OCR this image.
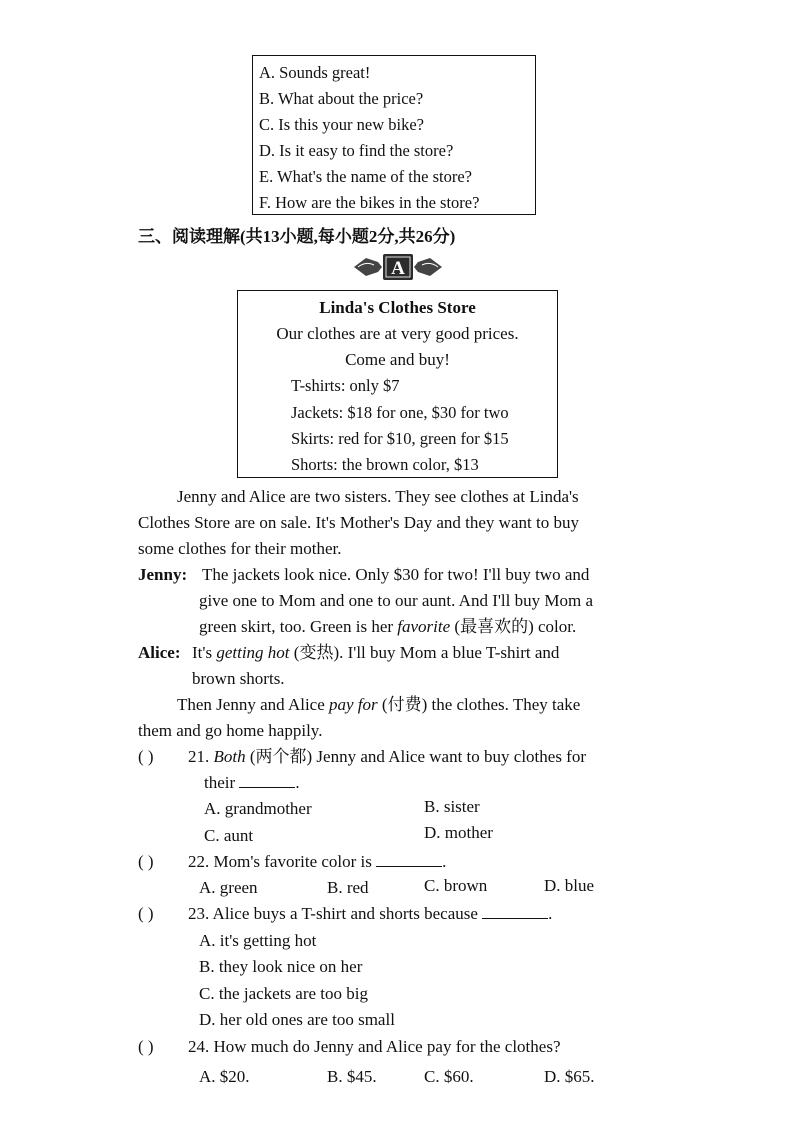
A. Sounds great!
B. What about the price?
C. Is this your new bike?
D. Is it easy to find the store?
E. What's the name of the store?
F. How are the bikes in the store?
三、阅读理解(共13小题,每小题2分,共26分)
A
Linda's Clothes Store
Our clothes are at very good prices.
Come and buy!
T-shirts: only $7
Jackets: $18 for one, $30 for two
Skirts: red for $10, green for $15
Shorts: the brown color, $13
Jenny and Alice are two sisters. They see clothes at Linda's
Clothes Store are on sale. It's Mother's Day and they want to buy
some clothes for their mother.
Jenny: The jackets look nice. Only $30 for two! I'll buy two and
give one to Mom and one to our aunt. And I'll buy Mom a
green skirt, too. Green is her favorite (最喜欢的) color.
Alice: It's getting hot (变热). I'll buy Mom a blue T-shirt and
brown shorts.
Then Jenny and Alice pay for (付费) the clothes. They take
them and go home happily.
( ) 21. Both (两个都) Jenny and Alice want to buy clothes for
their	.
A. grandmother	B. sister
C. aunt	D. mother
( ) 22. Mom's favorite color is	.
A. green	B. red	C. brown	D. blue
( ) 23. Alice buys a T-shirt and shorts because	.
A. it's getting hot
B. they look nice on her
C. the jackets are too big
D. her old ones are too small
( ) 24. How much do Jenny and Alice pay for the clothes?
A. $20.	B. $45.	C. $60.	D. $65.
